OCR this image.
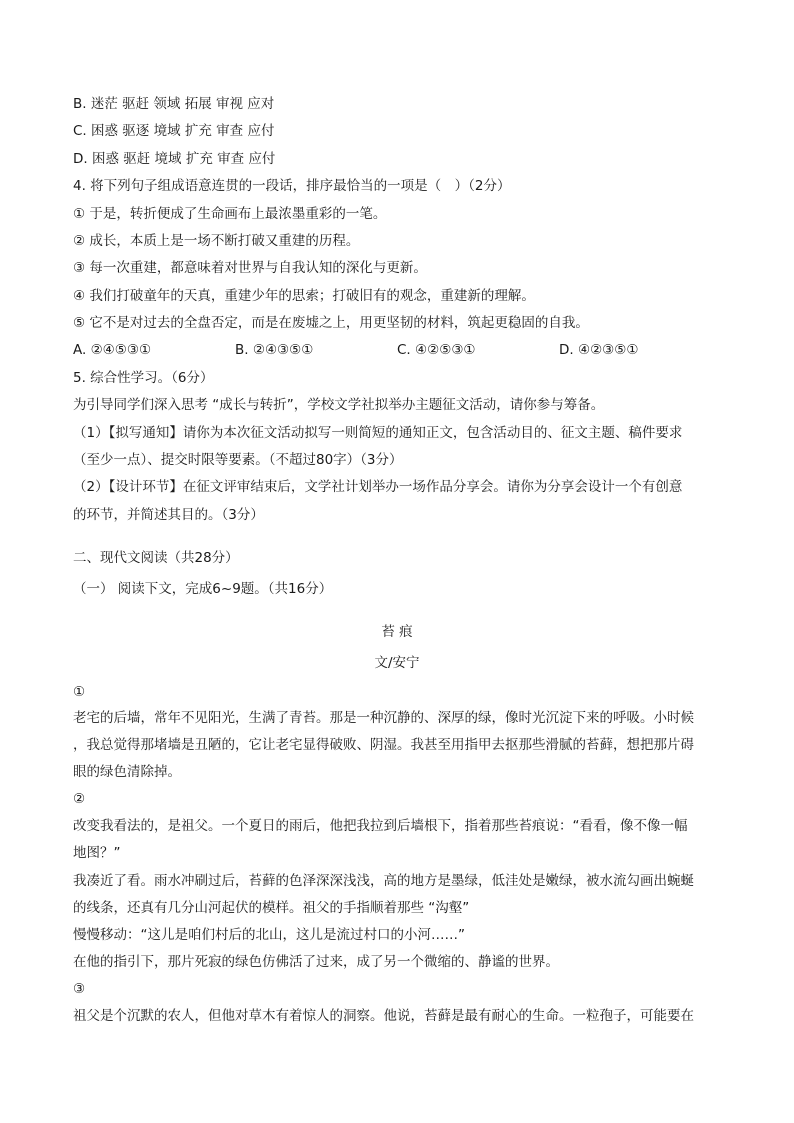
B. 迷茫 驱赶 领域 拓展 审视 应对
C. 困惑 驱逐 境域 扩充 审查 应付
D. 困惑 驱赶 境域 扩充 审查 应付
4. 将下列句子组成语意连贯的一段话，排序最恰当的一项是（　）（2分）
① 于是，转折便成了生命画布上最浓墨重彩的一笔。
② 成长，本质上是一场不断打破又重建的历程。
③ 每一次重建，都意味着对世界与自我认知的深化与更新。
④ 我们打破童年的天真，重建少年的思索；打破旧有的观念，重建新的理解。
⑤ 它不是对过去的全盘否定，而是在废墟之上，用更坚韧的材料，筑起更稳固的自我。
A. ②④⑤③①	B. ②④③⑤①	C. ④②⑤③①	D. ④②③⑤①
5. 综合性学习。（6分）
为引导同学们深入思考 “成长与转折”，学校文学社拟举办主题征文活动，请你参与筹备。
（1）【拟写通知】请你为本次征文活动拟写一则简短的通知正文，包含活动目的、征文主题、稿件要求
（至少一点）、提交时限等要素。（不超过80字）（3分）
（2）【设计环节】在征文评审结束后，文学社计划举办一场作品分享会。请你为分享会设计一个有创意
的环节，并简述其目的。（3分）
二、现代文阅读（共28分）
（一） 阅读下文，完成6~9题。（共16分）
苔 痕
文/安宁
①
老宅的后墙，常年不见阳光，生满了青苔。那是一种沉静的、深厚的绿，像时光沉淀下来的呼吸。小时候
，我总觉得那堵墙是丑陋的，它让老宅显得破败、阴湿。我甚至用指甲去抠那些滑腻的苔藓，想把那片碍
眼的绿色清除掉。
②
改变我看法的，是祖父。一个夏日的雨后，他把我拉到后墙根下，指着那些苔痕说：“看看，像不像一幅
地图？”
我凑近了看。雨水冲刷过后，苔藓的色泽深深浅浅，高的地方是墨绿，低洼处是嫩绿，被水流勾画出蜿蜒
的线条，还真有几分山河起伏的模样。祖父的手指顺着那些 “沟壑”
慢慢移动：“这儿是咱们村后的北山，这儿是流过村口的小河……”
在他的指引下，那片死寂的绿色仿佛活了过来，成了另一个微缩的、静谧的世界。
③
祖父是个沉默的农人，但他对草木有着惊人的洞察。他说，苔藓是最有耐心的生命。一粒孢子，可能要在
